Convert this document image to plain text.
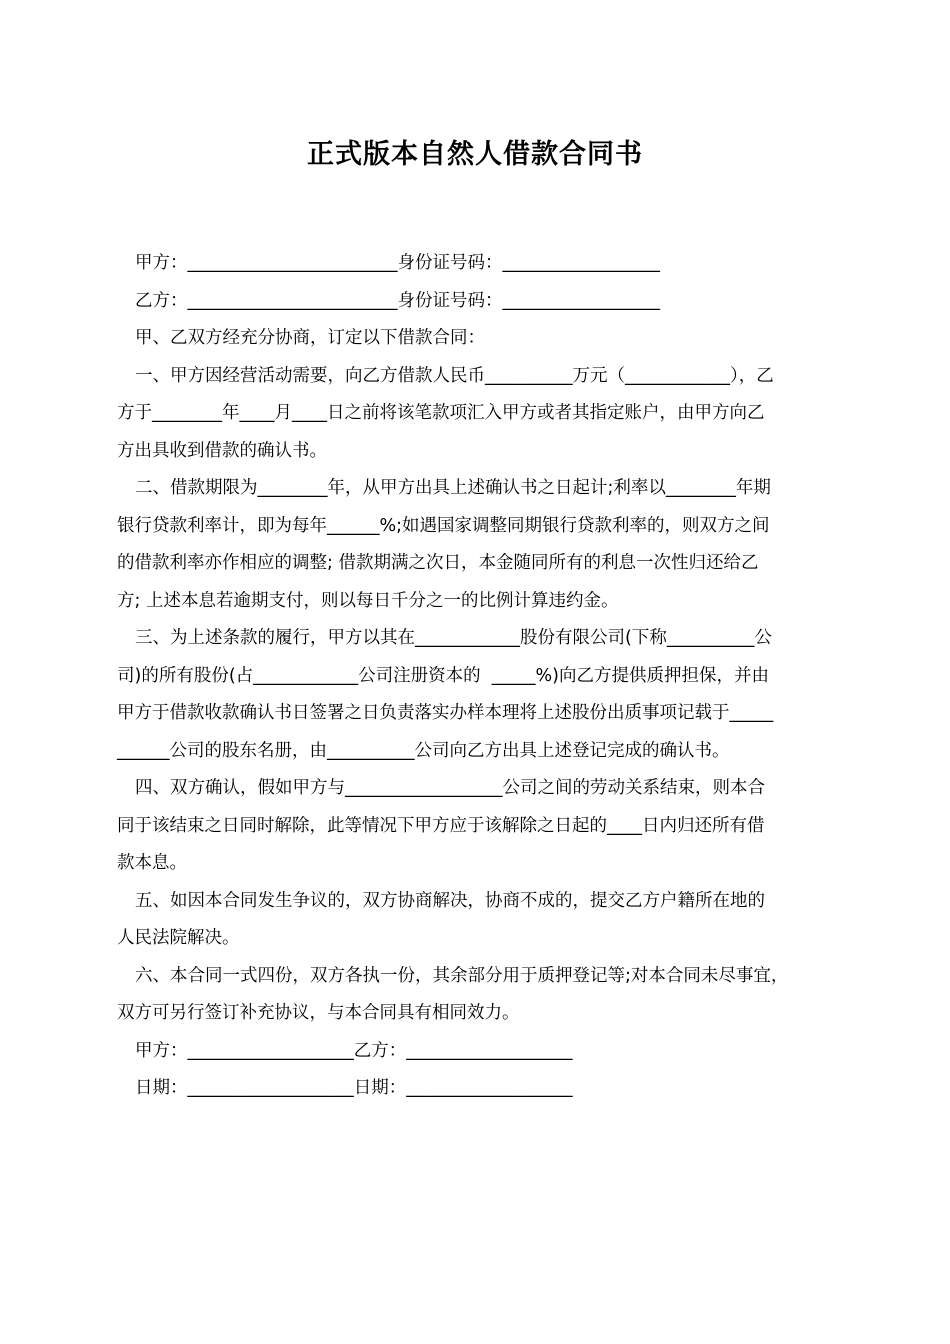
正式版本自然人借款合同书
甲方：________________________身份证号码：__________________
乙方：________________________身份证号码：__________________
甲、乙双方经充分协商，订定以下借款合同：
一、甲方因经营活动需要，向乙方借款人民币__________万元（____________），乙
方于________年____月____日之前将该笔款项汇入甲方或者其指定账户，由甲方向乙
方出具收到借款的确认书。
二、借款期限为________年，从甲方出具上述确认书之日起计;利率以________年期
银行贷款利率计，即为每年______%;如遇国家调整同期银行贷款利率的，则双方之间
的借款利率亦作相应的调整; 借款期满之次日，本金随同所有的利息一次性归还给乙
方; 上述本息若逾期支付，则以每日千分之一的比例计算违约金。
三、为上述条款的履行，甲方以其在____________股份有限公司(下称__________公
司)的所有股份(占____________公司注册资本的  _____%)向乙方提供质押担保，并由
甲方于借款收款确认书日签署之日负责落实办样本理将上述股份出质事项记载于_____
______公司的股东名册，由__________公司向乙方出具上述登记完成的确认书。
四、双方确认，假如甲方与__________________公司之间的劳动关系结束，则本合
同于该结束之日同时解除，此等情况下甲方应于该解除之日起的____日内归还所有借
款本息。
五、如因本合同发生争议的，双方协商解决，协商不成的，提交乙方户籍所在地的
人民法院解决。
六、本合同一式四份，双方各执一份，其余部分用于质押登记等;对本合同未尽事宜，
双方可另行签订补充协议，与本合同具有相同效力。
甲方：___________________乙方：___________________
日期：___________________日期：___________________
